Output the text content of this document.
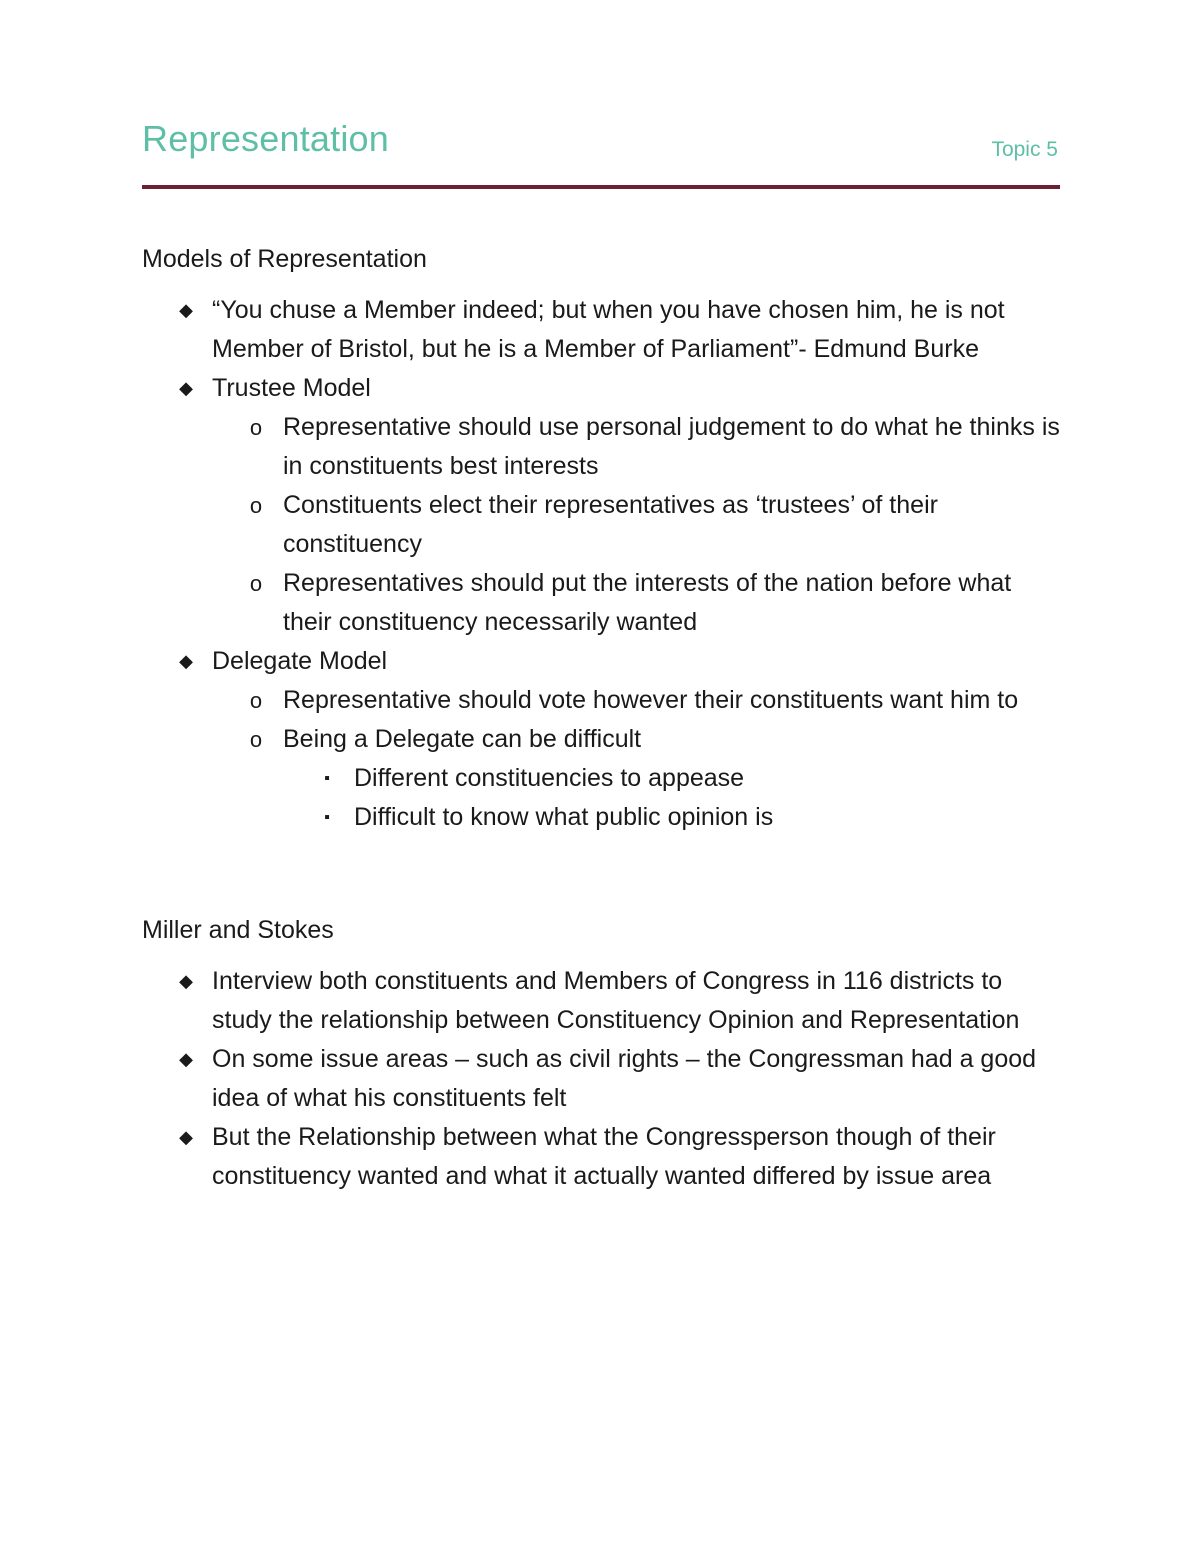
Representation	Topic 5
Models of Representation
◆ “You chuse a Member indeed; but when you have chosen him, he is not Member of Bristol, but he is a Member of Parliament”- Edmund Burke
◆ Trustee Model
o Representative should use personal judgement to do what he thinks is in constituents best interests
o Constituents elect their representatives as ‘trustees’ of their constituency
o Representatives should put the interests of the nation before what their constituency necessarily wanted
◆ Delegate Model
o Representative should vote however their constituents want him to
o Being a Delegate can be difficult
▪ Different constituencies to appease
▪ Difficult to know what public opinion is
Miller and Stokes
◆ Interview both constituents and Members of Congress in 116 districts to study the relationship between Constituency Opinion and Representation
◆ On some issue areas – such as civil rights – the Congressman had a good idea of what his constituents felt
◆ But the Relationship between what the Congressperson though of their constituency wanted and what it actually wanted differed by issue area
